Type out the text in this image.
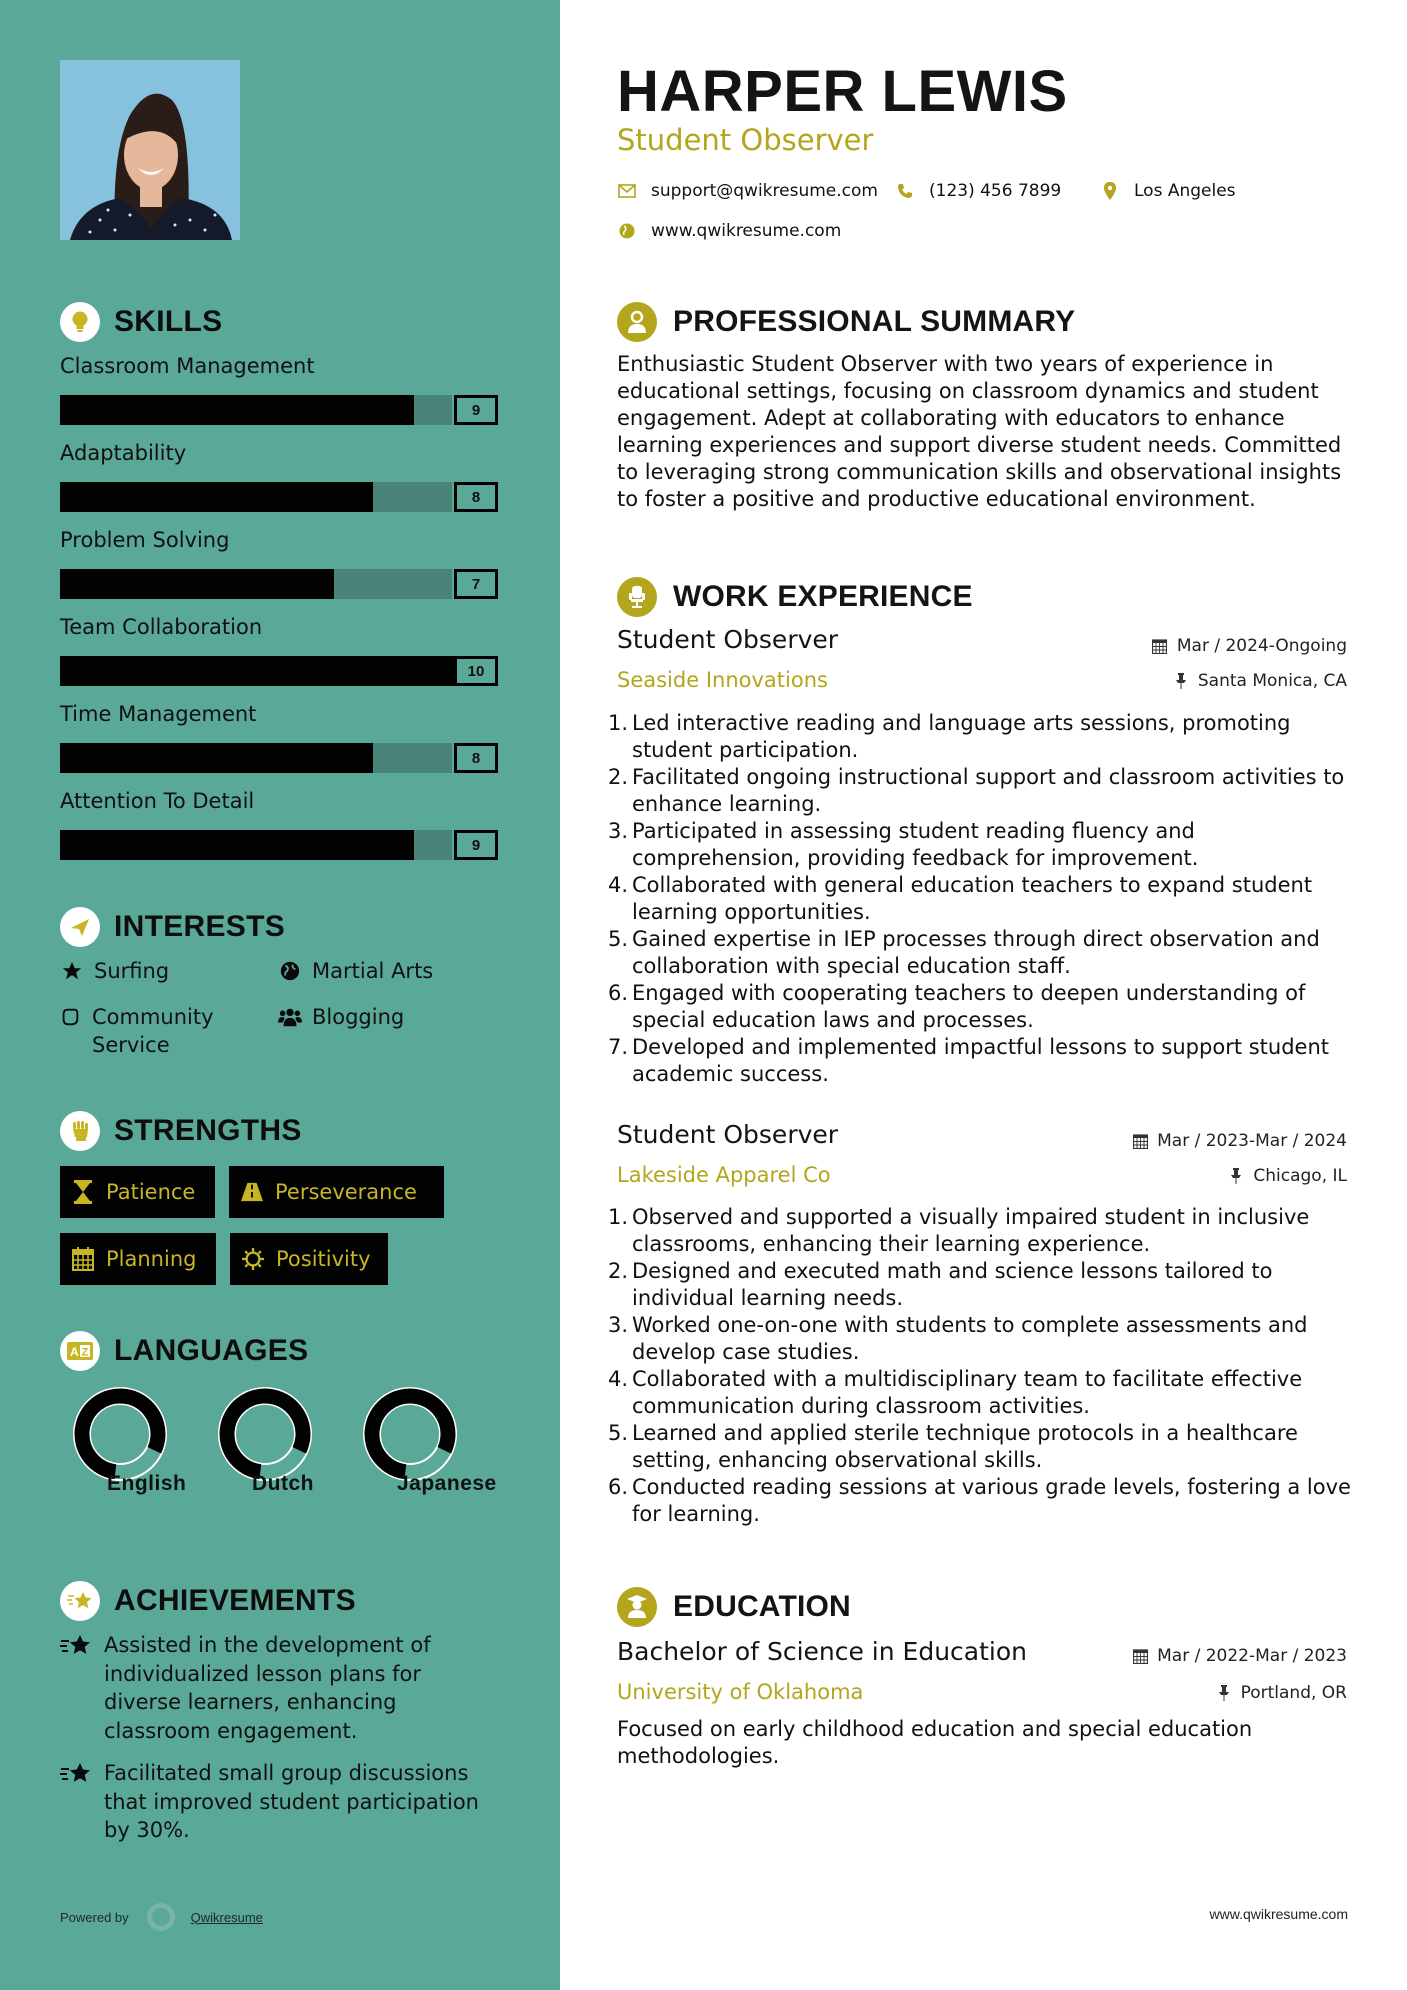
SKILLS
Classroom Management
9
Adaptability
8
Problem Solving
7
Team Collaboration
10
Time Management
8
Attention To Detail
9
INTERESTS
Surfing	Martial Arts
Community Service
Blogging
STRENGTHS
Patience	Perseverance
Planning	Positivity
A Z LANGUAGES
English	Dutch	Japanese
ACHIEVEMENTS
Assisted in the development of individualized lesson plans for diverse learners, enhancing classroom engagement.
Facilitated small group discussions that improved student participation by 30%.
Powered by	Qwikresume
HARPER LEWIS
Student Observer
support@qwikresume.com	(123) 456 7899	Los Angeles
www.qwikresume.com
PROFESSIONAL SUMMARY

Enthusiastic Student Observer with two years of experience in educational settings, focusing on classroom dynamics and student engagement. Adept at collaborating with educators to enhance learning experiences and support diverse student needs. Committed to leveraging strong communication skills and observational insights to foster a positive and productive educational environment.

WORK EXPERIENCE
Student Observer	Mar / 2024-Ongoing
Seaside Innovations	Santa Monica, CA
1. Led interactive reading and language arts sessions, promoting student participation.
2. Facilitated ongoing instructional support and classroom activities to enhance learning.
3. Participated in assessing student reading fluency and comprehension, providing feedback for improvement.
4. Collaborated with general education teachers to expand student learning opportunities.
5. Gained expertise in IEP processes through direct observation and collaboration with special education staff.
6. Engaged with cooperating teachers to deepen understanding of special education laws and processes.
7. Developed and implemented impactful lessons to support student academic success.
Student Observer	Mar / 2023-Mar / 2024
Lakeside Apparel Co	Chicago, IL
1. Observed and supported a visually impaired student in inclusive classrooms, enhancing their learning experience.
2. Designed and executed math and science lessons tailored to individual learning needs.
3. Worked one-on-one with students to complete assessments and develop case studies.
4. Collaborated with a multidisciplinary team to facilitate effective communication during classroom activities.
5. Learned and applied sterile technique protocols in a healthcare setting, enhancing observational skills.
6. Conducted reading sessions at various grade levels, fostering a love for learning.
EDUCATION
Bachelor of Science in Education	Mar / 2022-Mar / 2023
University of Oklahoma	Portland, OR

Focused on early childhood education and special education methodologies.

www.qwikresume.com
